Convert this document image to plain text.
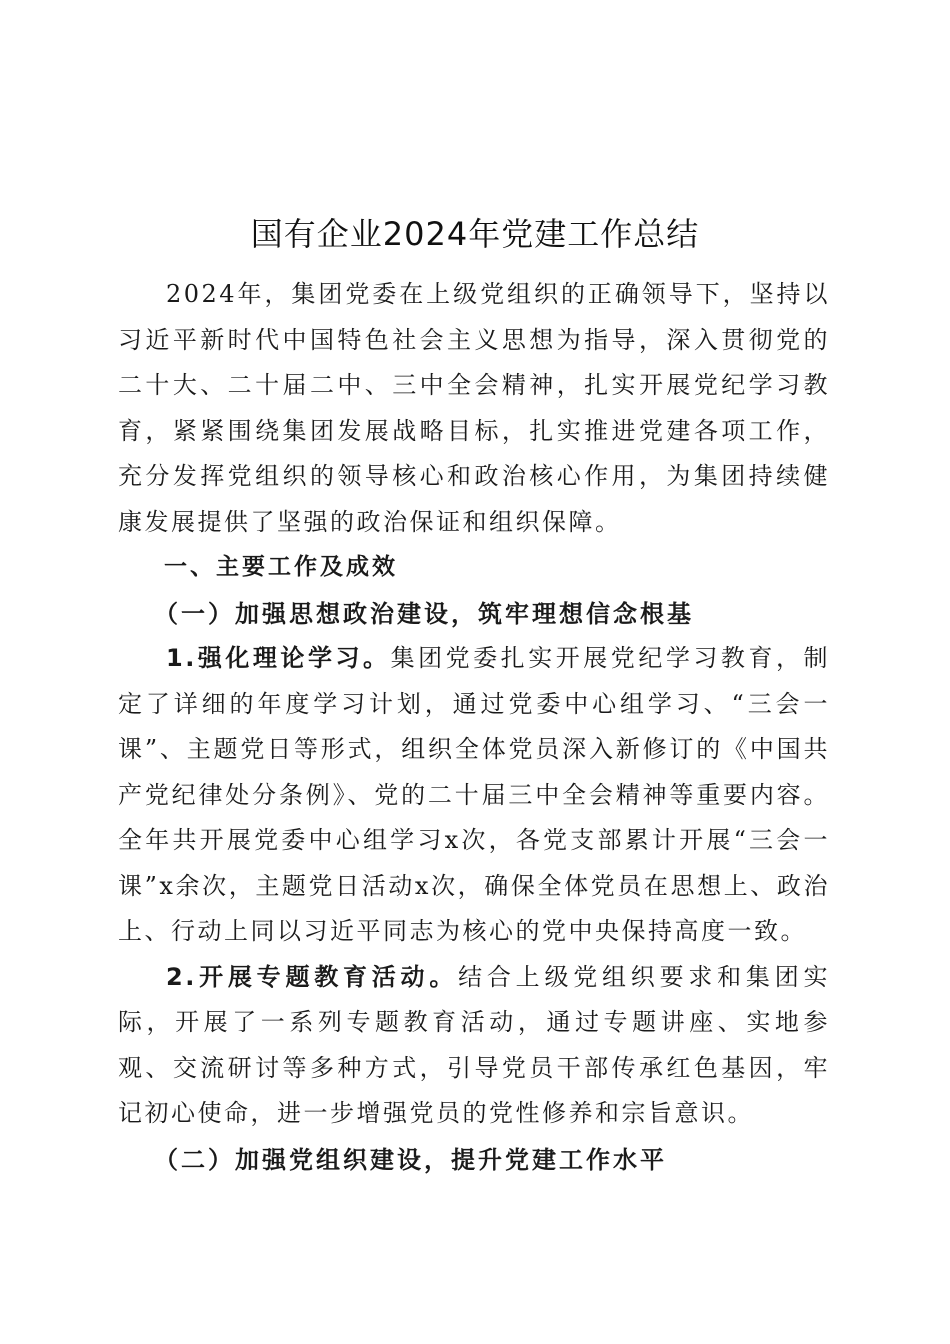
国有企业2024年党建工作总结

2024年，集团党委在上级党组织的正确领导下，坚持以习近平新时代中国特色社会主义思想为指导，深入贯彻党的二十大、二十届二中、三中全会精神，扎实开展党纪学习教育，紧紧围绕集团发展战略目标，扎实推进党建各项工作，充分发挥党组织的领导核心和政治核心作用，为集团持续健康发展提供了坚强的政治保证和组织保障。

一、主要工作及成效
（一）加强思想政治建设，筑牢理想信念根基

1.强化理论学习。集团党委扎实开展党纪学习教育，制定了详细的年度学习计划，通过党委中心组学习、“三会一课”、主题党日等形式，组织全体党员深入新修订的《中国共产党纪律处分条例》、党的二十届三中全会精神等重要内容。全年共开展党委中心组学习x次，各党支部累计开展“三会一课”x余次，主题党日活动x次，确保全体党员在思想上、政治上、行动上同以习近平同志为核心的党中央保持高度一致。

2.开展专题教育活动。结合上级党组织要求和集团实际，开展了一系列专题教育活动，通过专题讲座、实地参观、交流研讨等多种方式，引导党员干部传承红色基因，牢记初心使命，进一步增强党员的党性修养和宗旨意识。

（二）加强党组织建设，提升党建工作水平
